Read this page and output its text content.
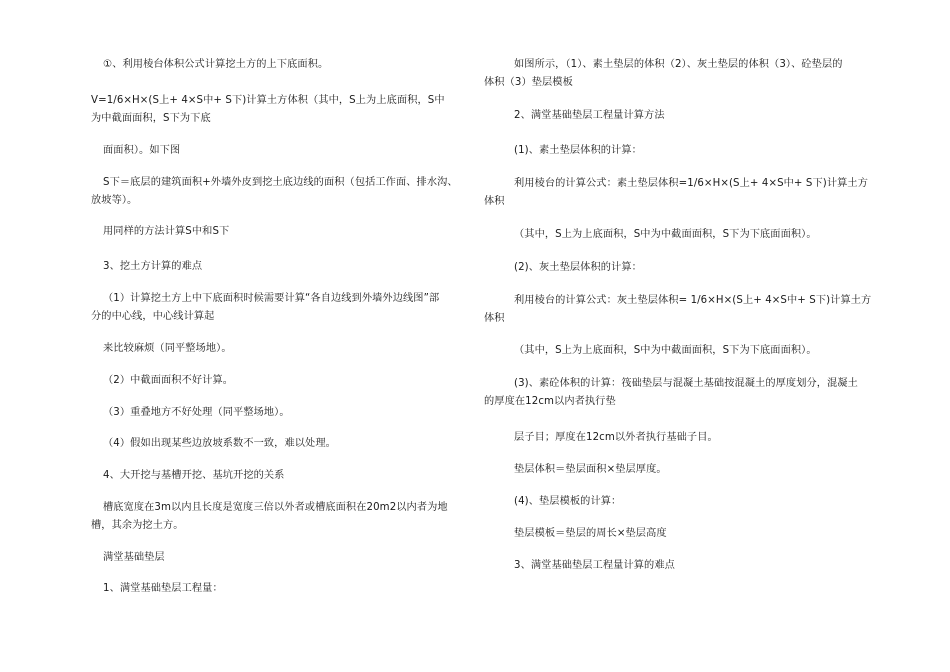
①、利用棱台体积公式计算挖土方的上下底面积。
V=1/6×H×(S上+ 4×S中+ S下)计算土方体积（其中，S上为上底面积，S中
为中截面面积，S下为下底
面面积）。如下图
S下＝底层的建筑面积+外墙外皮到挖土底边线的面积（包括工作面、排水沟、
放坡等）。
用同样的方法计算S中和S下
3、挖土方计算的难点
（1）计算挖土方上中下底面积时候需要计算“各自边线到外墙外边线图”部
分的中心线，中心线计算起
来比较麻烦（同平整场地）。
（2）中截面面积不好计算。
（3）重叠地方不好处理（同平整场地）。
（4）假如出现某些边放坡系数不一致，难以处理。
4、大开挖与基槽开挖、基坑开挖的关系
槽底宽度在3m以内且长度是宽度三倍以外者或槽底面积在20m2以内者为地
槽，其余为挖土方。
满堂基础垫层
1、满堂基础垫层工程量：
如图所示，（1）、素土垫层的体积（2）、灰土垫层的体积（3）、砼垫层的
体积（3）垫层模板
2、满堂基础垫层工程量计算方法
(1)、素土垫层体积的计算：
利用棱台的计算公式：素土垫层体积=1/6×H×(S上+ 4×S中+ S下)计算土方
体积
（其中，S上为上底面积，S中为中截面面积，S下为下底面面积）。
(2)、灰土垫层体积的计算：
利用棱台的计算公式：灰土垫层体积= 1/6×H×(S上+ 4×S中+ S下)计算土方
体积
（其中，S上为上底面积，S中为中截面面积，S下为下底面面积）。
(3)、素砼体积的计算：筏础垫层与混凝土基础按混凝土的厚度划分，混凝土
的厚度在12cm以内者执行垫
层子目；厚度在12cm以外者执行基础子目。
垫层体积＝垫层面积×垫层厚度。
(4)、垫层模板的计算：
垫层模板＝垫层的周长×垫层高度
3、满堂基础垫层工程量计算的难点
